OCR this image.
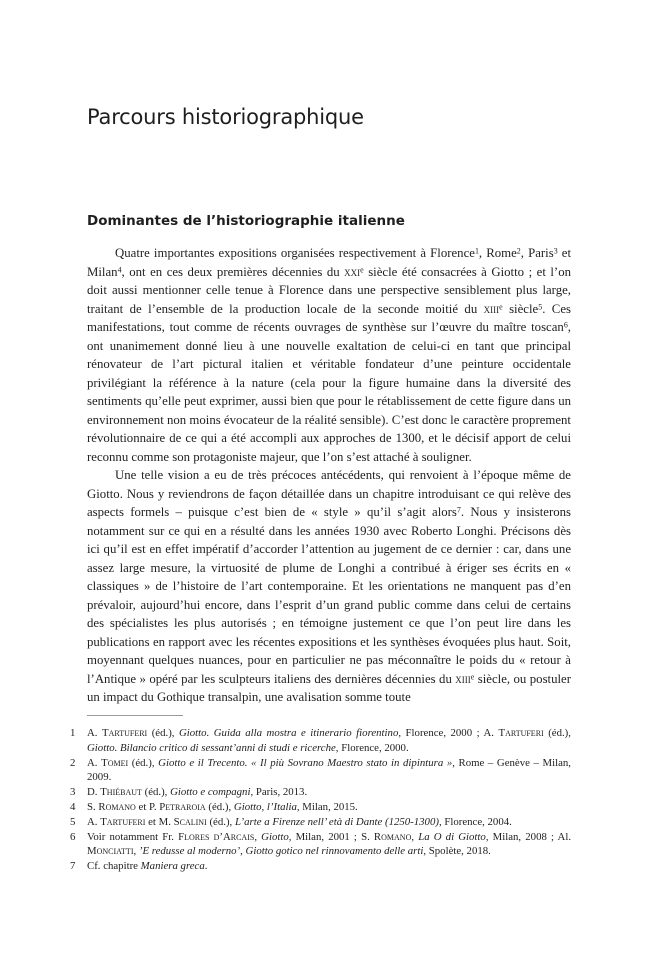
Parcours historiographique
Dominantes de l’historiographie italienne

Quatre importantes expositions organisées respectivement à Florence$^1$, Rome$^2$, Paris$^3$ et Milan$^4$, ont en ces deux premières décennies du xxi$^e$ siècle été consacrées à Giotto ; et l’on doit aussi mentionner celle tenue à Florence dans une perspective sensiblement plus large, traitant de l’ensemble de la production locale de la seconde moitié du xiii$^e$ siècle$^5$. Ces manifestations, tout comme de récents ouvrages de synthèse sur l’œuvre du maître toscan$^6$, ont unanimement donné lieu à une nouvelle exaltation de celui-ci en tant que principal rénovateur de l’art pictural italien et véritable fondateur d’une peinture occidentale privilégiant la référence à la nature (cela pour la figure humaine dans la diversité des sentiments qu’elle peut exprimer, aussi bien que pour le rétablissement de cette figure dans un environnement non moins évocateur de la réalité sensible). C’est donc le caractère proprement révolutionnaire de ce qui a été accompli aux approches de 1300, et le décisif apport de celui reconnu comme son protagoniste majeur, que l’on s’est attaché à souligner.

Une telle vision a eu de très précoces antécédents, qui renvoient à l’époque même de Giotto. Nous y reviendrons de façon détaillée dans un chapitre introduisant ce qui relève des aspects formels – puisque c’est bien de « style » qu’il s’agit alors$^7$. Nous y insisterons notamment sur ce qui en a résulté dans les années 1930 avec Roberto Longhi. Précisons dès ici qu’il est en effet impératif d’accorder l’attention au jugement de ce dernier : car, dans une assez large mesure, la virtuosité de plume de Longhi a contribué à ériger ses écrits en « classiques » de l’histoire de l’art contemporaine. Et les orientations ne manquent pas d’en prévaloir, aujourd’hui encore, dans l’esprit d’un grand public comme dans celui de certains des spécialistes les plus autorisés ; en témoigne justement ce que l’on peut lire dans les publications en rapport avec les récentes expositions et les synthèses évoquées plus haut. Soit, moyennant quelques nuances, pour en particulier ne pas méconnaître le poids du « retour à l’Antique » opéré par les sculpteurs italiens des dernières décennies du xiii$^e$ siècle, ou postuler un impact du Gothique transalpin, une avalisation somme toute

1	A. Tartuferi (éd.), Giotto. Guida alla mostra e itinerario fiorentino, Florence, 2000 ; A. Tartuferi (éd.), Giotto. Bilancio critico di sessant’anni di studi e ricerche, Florence, 2000.
2	A. Tomei (éd.), Giotto e il Trecento. « Il più Sovrano Maestro stato in dipintura », Rome – Genève – Milan, 2009.
3	D. Thiébaut (éd.), Giotto e compagni, Paris, 2013.
4	S. Romano et P. Petraroia (éd.), Giotto, l’Italia, Milan, 2015.
5	A. Tartuferi et M. Scalini (éd.), L’arte a Firenze nell’ età di Dante (1250-1300), Florence, 2004.
6	Voir notamment Fr. Flores d’Arcais, Giotto, Milan, 2001 ; S. Romano, La O di Giotto, Milan, 2008 ; Al. Monciatti, ’E redusse al moderno’, Giotto gotico nel rinnovamento delle arti, Spolète, 2018.
7	Cf. chapitre Maniera greca.
